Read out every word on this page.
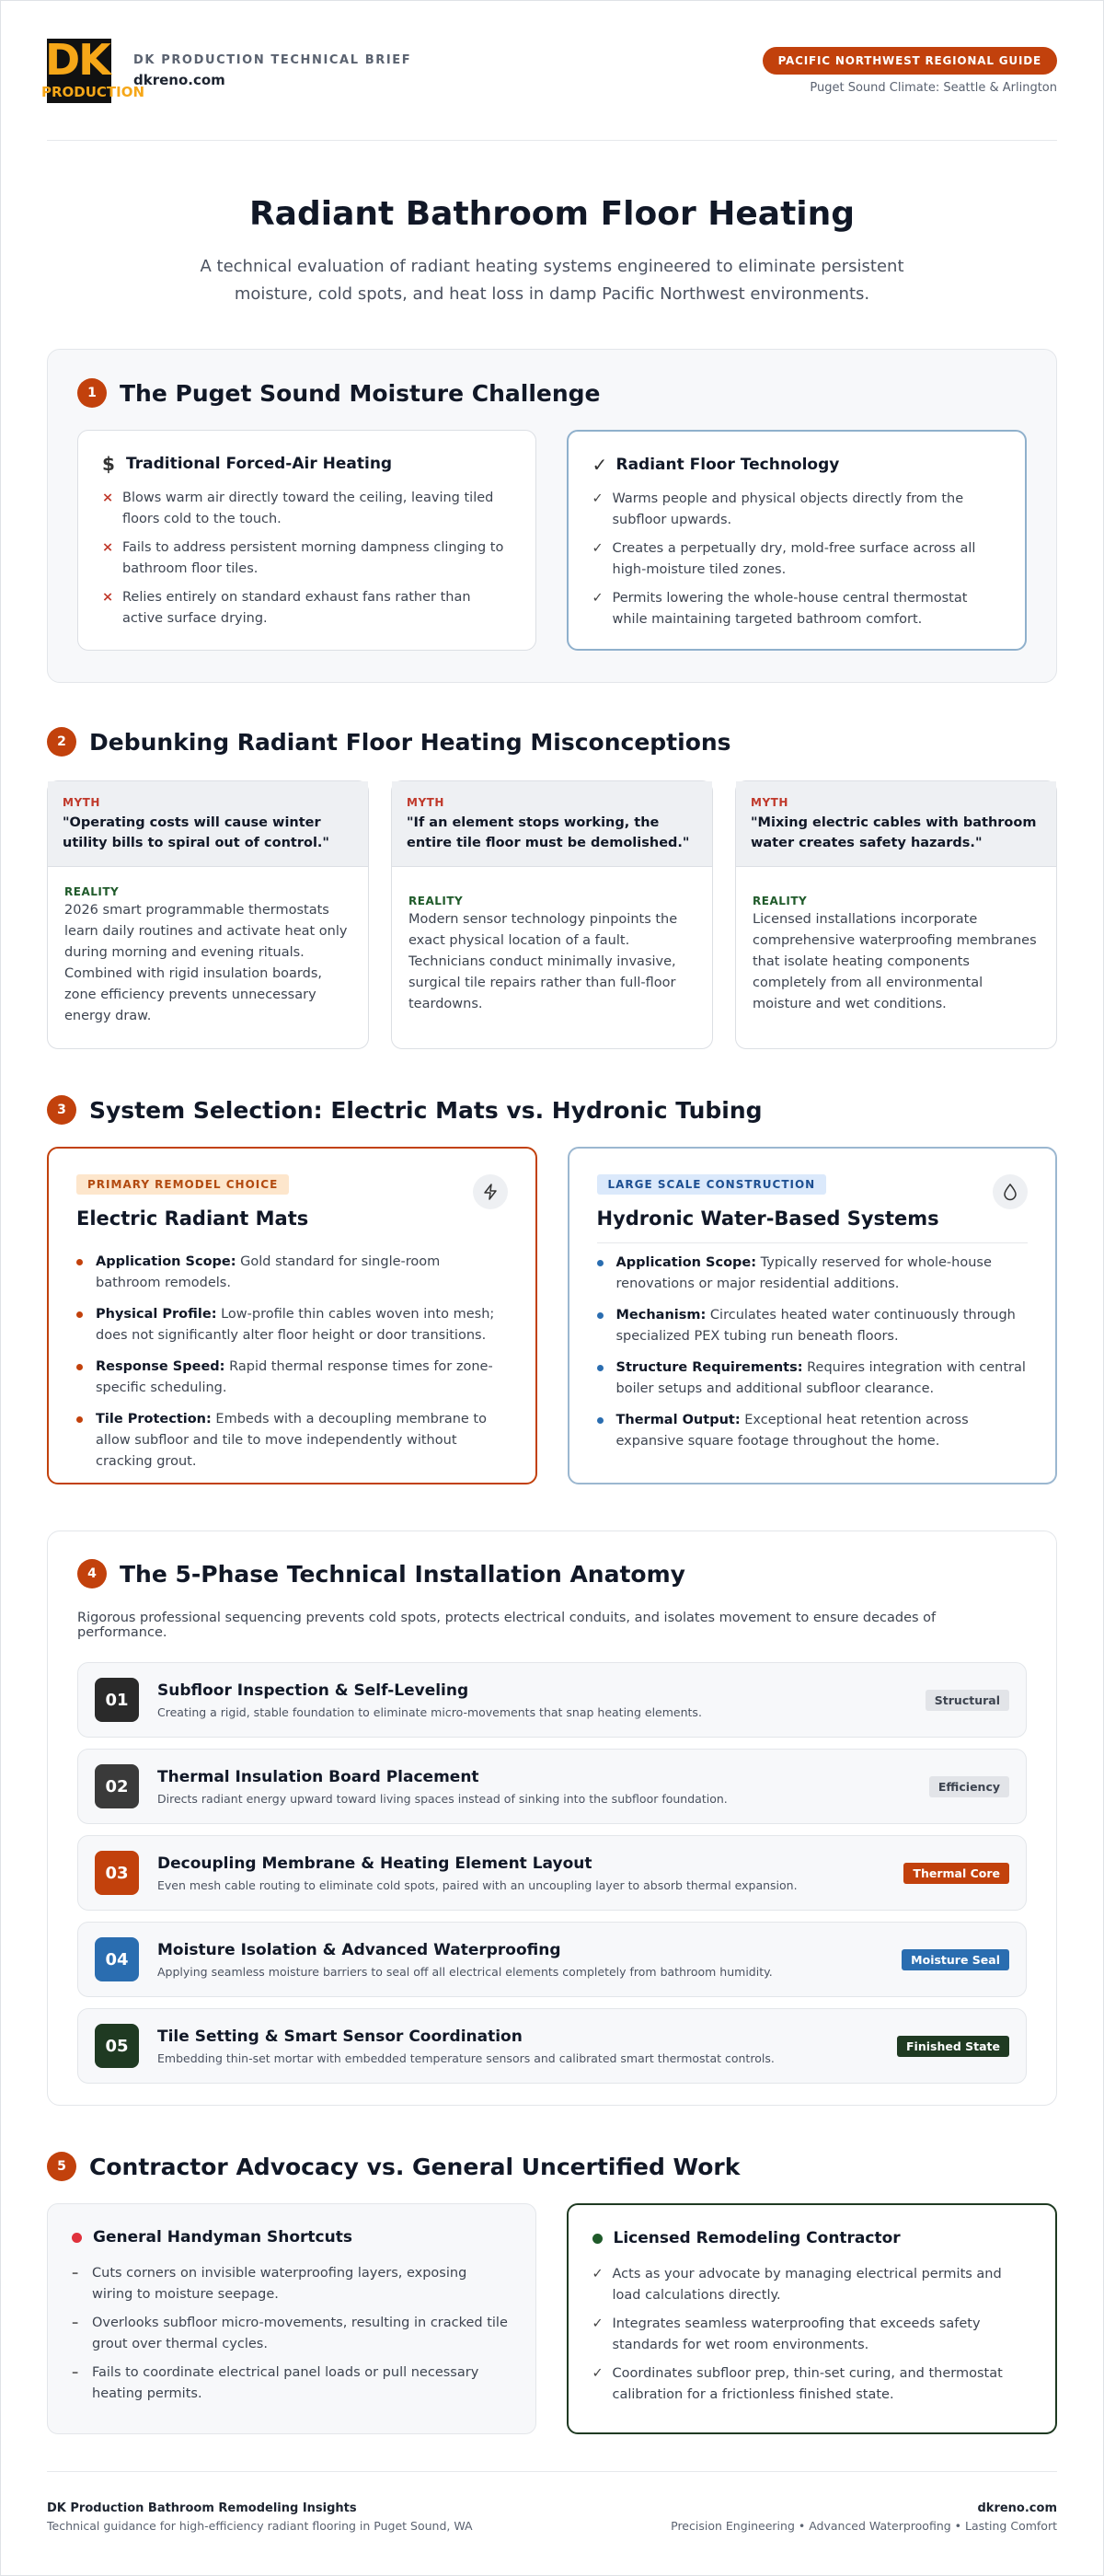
DK
PRODUCTION
DK PRODUCTION TECHNICAL BRIEF
dkreno.com
PACIFIC NORTHWEST REGIONAL GUIDE
Puget Sound Climate: Seattle & Arlington
Radiant Bathroom Floor Heating

A technical evaluation of radiant heating systems engineered to eliminate persistent moisture, cold spots, and heat loss in damp Pacific Northwest environments.

1	The Puget Sound Moisture Challenge
$ Traditional Forced-Air Heating
× Blows warm air directly toward the ceiling, leaving tiled floors cold to the touch.
× Fails to address persistent morning dampness clinging to bathroom floor tiles.
× Relies entirely on standard exhaust fans rather than active surface drying.
✓ Radiant Floor Technology
✓ Warms people and physical objects directly from the subfloor upwards.
✓ Creates a perpetually dry, mold-free surface across all high-moisture tiled zones.
✓ Permits lowering the whole-house central thermostat while maintaining targeted bathroom comfort.
2	Debunking Radiant Floor Heating Misconceptions
MYTH
"Operating costs will cause winter utility bills to spiral out of control."
REALITY
2026 smart programmable thermostats learn daily routines and activate heat only during morning and evening rituals. Combined with rigid insulation boards, zone efficiency prevents unnecessary energy draw.
MYTH
"If an element stops working, the entire tile floor must be demolished."
REALITY
Modern sensor technology pinpoints the exact physical location of a fault. Technicians conduct minimally invasive, surgical tile repairs rather than full-floor teardowns.
MYTH
"Mixing electric cables with bathroom water creates safety hazards."
REALITY
Licensed installations incorporate comprehensive waterproofing membranes that isolate heating components completely from all environmental moisture and wet conditions.
3	System Selection: Electric Mats vs. Hydronic Tubing
PRIMARY REMODEL CHOICE
Electric Radiant Mats
Application Scope: Gold standard for single-room bathroom remodels.
Physical Profile: Low-profile thin cables woven into mesh; does not significantly alter floor height or door transitions.
Response Speed: Rapid thermal response times for zone-specific scheduling.
Tile Protection: Embeds with a decoupling membrane to allow subfloor and tile to move independently without cracking grout.
LARGE SCALE CONSTRUCTION
Hydronic Water-Based Systems
Application Scope: Typically reserved for whole-house renovations or major residential additions.
Mechanism: Circulates heated water continuously through specialized PEX tubing run beneath floors.
Structure Requirements: Requires integration with central boiler setups and additional subfloor clearance.
Thermal Output: Exceptional heat retention across expansive square footage throughout the home.
4	The 5-Phase Technical Installation Anatomy

Rigorous professional sequencing prevents cold spots, protects electrical conduits, and isolates movement to ensure decades of performance.

01	Subfloor Inspection & Self-Leveling
Creating a rigid, stable foundation to eliminate micro-movements that snap heating elements.
Structural
02	Thermal Insulation Board Placement
Directs radiant energy upward toward living spaces instead of sinking into the subfloor foundation.
Efficiency
03	Decoupling Membrane & Heating Element Layout
Even mesh cable routing to eliminate cold spots, paired with an uncoupling layer to absorb thermal expansion.
Thermal Core
04	Moisture Isolation & Advanced Waterproofing
Applying seamless moisture barriers to seal off all electrical elements completely from bathroom humidity.
Moisture Seal
05	Tile Setting & Smart Sensor Coordination
Embedding thin-set mortar with embedded temperature sensors and calibrated smart thermostat controls.
Finished State
5	Contractor Advocacy vs. General Uncertified Work
General Handyman Shortcuts
– Cuts corners on invisible waterproofing layers, exposing wiring to moisture seepage.
– Overlooks subfloor micro-movements, resulting in cracked tile grout over thermal cycles.
– Fails to coordinate electrical panel loads or pull necessary heating permits.
Licensed Remodeling Contractor
✓ Acts as your advocate by managing electrical permits and load calculations directly.
✓ Integrates seamless waterproofing that exceeds safety standards for wet room environments.
✓ Coordinates subfloor prep, thin-set curing, and thermostat calibration for a frictionless finished state.
DK Production Bathroom Remodeling Insights
Technical guidance for high-efficiency radiant flooring in Puget Sound, WA
dkreno.com
Precision Engineering • Advanced Waterproofing • Lasting Comfort
